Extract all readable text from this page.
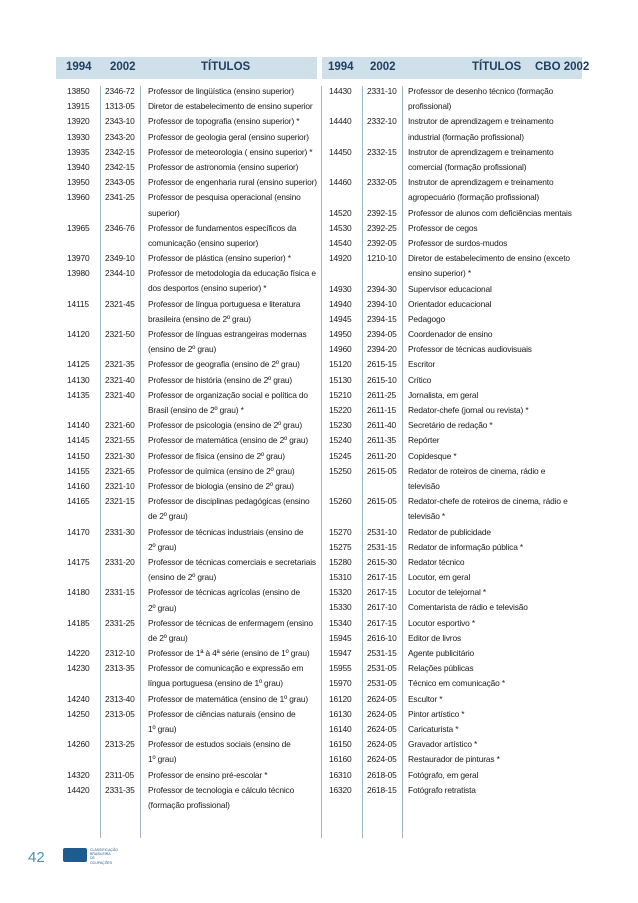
1994 2002	TÍTULOS	1994 2002	TÍTULOS CBO 2002
13850 2346-72 Professor de lingüística (ensino superior)
13915 1313-05 Diretor de estabelecimento de ensino superior
13920 2343-10 Professor de topografia (ensino superior) *
13930 2343-20 Professor de geologia geral (ensino superior)
13935 2342-15 Professor de meteorologia ( ensino superior) *
13940 2342-15 Professor de astronomia (ensino superior)
13950 2343-05 Professor de engenharia rural (ensino superior)
13960 2341-25 Professor de pesquisa operacional (ensino
superior)
13965 2346-76 Professor de fundamentos específicos da
comunicação (ensino superior)
13970 2349-10 Professor de plástica (ensino superior) *
13980 2344-10 Professor de metodologia da educação física e
dos desportos (ensino superior) *
14115 2321-45 Professor de língua portuguesa e literatura
brasileira (ensino de 2º grau)
14120 2321-50 Professor de línguas estrangeiras modernas
(ensino de 2º grau)
14125 2321-35 Professor de geografia (ensino de 2º grau)
14130 2321-40 Professor de história (ensino de 2º grau)
14135 2321-40 Professor de organização social e política do
Brasil (ensino de 2º grau) *
14140 2321-60 Professor de psicologia (ensino de 2º grau)
14145 2321-55 Professor de matemática (ensino de 2º grau)
14150 2321-30 Professor de física (ensino de 2º grau)
14155 2321-65 Professor de química (ensino de 2º grau)
14160 2321-10 Professor de biologia (ensino de 2º grau)
14165 2321-15 Professor de disciplinas pedagógicas (ensino
de 2º grau)
14170 2331-30 Professor de técnicas industriais (ensino de
2º grau)
14175 2331-20 Professor de técnicas comerciais e secretariais
(ensino de 2º grau)
14180 2331-15 Professor de técnicas agrícolas (ensino de
2º grau)
14185 2331-25 Professor de técnicas de enfermagem (ensino
de 2º grau)
14220 2312-10 Professor de 1ª à 4ª série (ensino de 1º grau)
14230 2313-35 Professor de comunicação e expressão em
língua portuguesa (ensino de 1º grau)
14240 2313-40 Professor de matemática (ensino de 1º grau)
14250 2313-05 Professor de ciências naturais (ensino de
1º grau)
14260 2313-25 Professor de estudos sociais (ensino de
1º grau)
14320 2311-05 Professor de ensino pré-escolar *
14420 2331-35 Professor de tecnologia e cálculo técnico
(formação profissional)
14430 2331-10 Professor de desenho técnico (formação
profissional)
14440 2332-10 Instrutor de aprendizagem e treinamento
industrial (formação profissional)
14450 2332-15 Instrutor de aprendizagem e treinamento
comercial (formação profissional)
14460 2332-05 Instrutor de aprendizagem e treinamento
agropecuário (formação profissional)
14520 2392-15 Professor de alunos com deficiências mentais
14530 2392-25 Professor de cegos
14540 2392-05 Professor de surdos-mudos
14920 1210-10 Diretor de estabelecimento de ensino (exceto
ensino superior) *
14930 2394-30 Supervisor educacional
14940 2394-10 Orientador educacional
14945 2394-15 Pedagogo
14950 2394-05 Coordenador de ensino
14960 2394-20 Professor de técnicas audiovisuais
15120 2615-15 Escritor
15130 2615-10 Crítico
15210 2611-25 Jornalista, em geral
15220 2611-15 Redator-chefe (jornal ou revista) *
15230 2611-40 Secretário de redação *
15240 2611-35 Repórter
15245 2611-20 Copidesque *
15250 2615-05 Redator de roteiros de cinema, rádio e
televisão
15260 2615-05 Redator-chefe de roteiros de cinema, rádio e
televisão *
15270 2531-10 Redator de publicidade
15275 2531-15 Redator de informação pública *
15280 2615-30 Redator técnico
15310 2617-15 Locutor, em geral
15320 2617-15 Locutor de telejornal *
15330 2617-10 Comentarista de rádio e televisão
15340 2617-15 Locutor esportivo *
15945 2616-10 Editor de livros
15947 2531-15 Agente publicitário
15955 2531-05 Relações públicas
15970 2531-05 Técnico em comunicação *
16120 2624-05 Escultor *
16130 2624-05 Pintor artístico *
16140 2624-05 Caricaturista *
16150 2624-05 Gravador artístico *
16160 2624-05 Restaurador de pinturas *
16310 2618-05 Fotógrafo, em geral
16320 2618-15 Fotógrafo retratista
42	CLASSIFICAÇÃO BRASILEIRA DE OCUPAÇÕES
